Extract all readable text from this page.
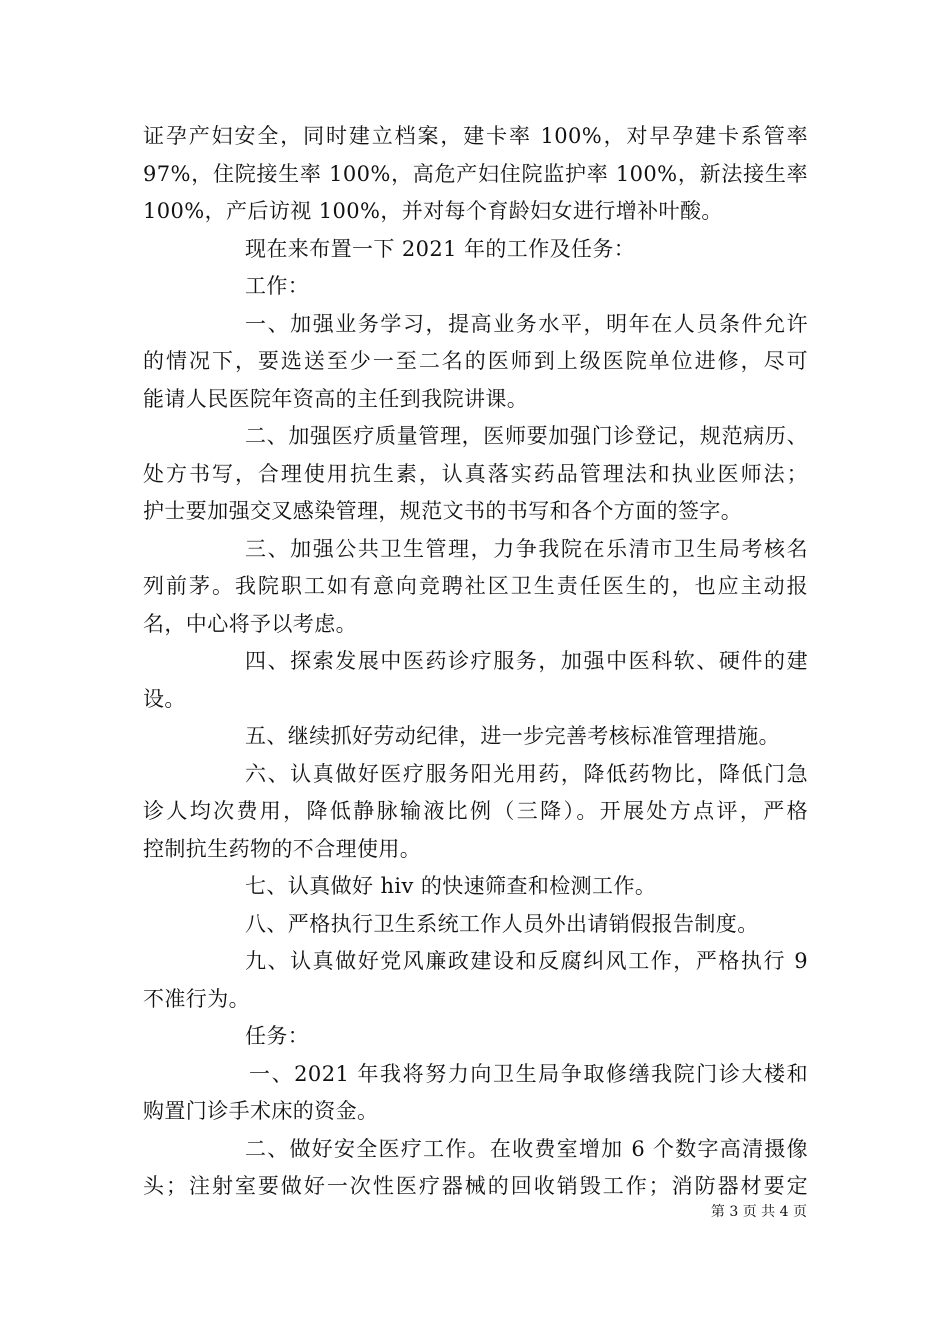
证孕产妇安全，同时建立档案，建卡率 100%，对早孕建卡系管率
97%，住院接生率 100%，高危产妇住院监护率 100%，新法接生率
100%，产后访视 100%，并对每个育龄妇女进行增补叶酸。
现在来布置一下 2021 年的工作及任务：
工作：
一、加强业务学习，提高业务水平，明年在人员条件允许
的情况下，要选送至少一至二名的医师到上级医院单位进修，尽可
能请人民医院年资高的主任到我院讲课。
二、加强医疗质量管理，医师要加强门诊登记，规范病历、
处方书写，合理使用抗生素，认真落实药品管理法和执业医师法；
护士要加强交叉感染管理，规范文书的书写和各个方面的签字。
三、加强公共卫生管理，力争我院在乐清市卫生局考核名
列前茅。我院职工如有意向竞聘社区卫生责任医生的，也应主动报
名，中心将予以考虑。
四、探索发展中医药诊疗服务，加强中医科软、硬件的建
设。
五、继续抓好劳动纪律，进一步完善考核标准管理措施。
六、认真做好医疗服务阳光用药，降低药物比，降低门急
诊人均次费用，降低静脉输液比例（三降）。开展处方点评，严格
控制抗生药物的不合理使用。
七、认真做好 hiv 的快速筛查和检测工作。
八、严格执行卫生系统工作人员外出请销假报告制度。
九、认真做好党风廉政建设和反腐纠风工作，严格执行 9
不准行为。
任务：
一、2021 年我将努力向卫生局争取修缮我院门诊大楼和
购置门诊手术床的资金。
二、做好安全医疗工作。在收费室增加 6 个数字高清摄像
头；注射室要做好一次性医疗器械的回收销毁工作；消防器材要定
第 3 页 共 4 页
